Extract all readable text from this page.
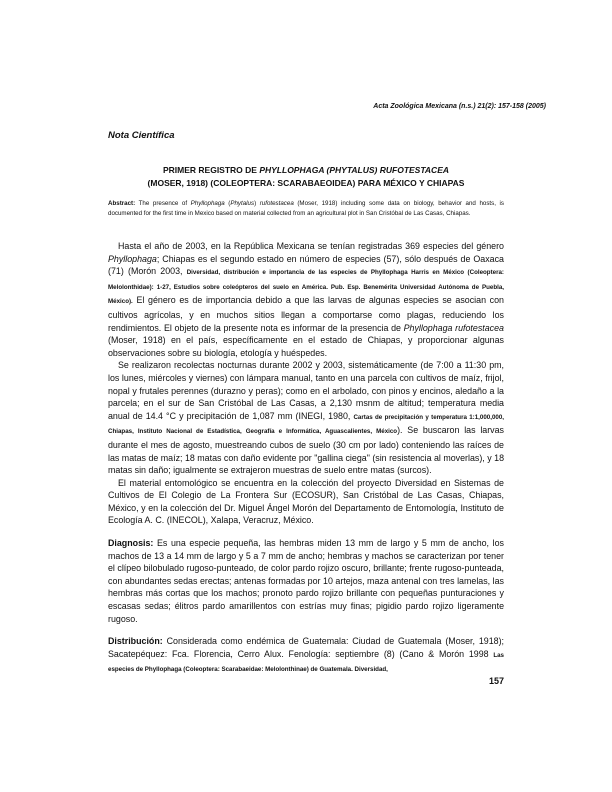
Acta Zoológica Mexicana (n.s.) 21(2): 157-158 (2005)
Nota Científica
PRIMER REGISTRO DE PHYLLOPHAGA (PHYTALUS) RUFOTESTACEA
(MOSER, 1918) (COLEOPTERA: SCARABAEOIDEA) PARA MÉXICO Y CHIAPAS
Abstract: The presence of Phyllophaga (Phytalus) rufotestacea (Moser, 1918) including some data on biology, behavior and hosts, is documented for the first time in Mexico based on material collected from an agricultural plot in San Cristóbal de Las Casas, Chiapas.

Hasta el año de 2003, en la República Mexicana se tenían registradas 369 especies del género Phyllophaga; Chiapas es el segundo estado en número de especies (57), sólo después de Oaxaca (71) (Morón 2003, Diversidad, distribución e importancia de las especies de Phyllophaga Harris en México (Coleoptera: Melolonthidae): 1-27, Estudios sobre coleópteros del suelo en América. Pub. Esp. Benemérita Universidad Autónoma de Puebla, México). El género es de importancia debido a que las larvas de algunas especies se asocian con cultivos agrícolas, y en muchos sitios llegan a comportarse como plagas, reduciendo los rendimientos. El objeto de la presente nota es informar de la presencia de Phyllophaga rufotestacea (Moser, 1918) en el país, específicamente en el estado de Chiapas, y proporcionar algunas observaciones sobre su biología, etología y huéspedes.

Se realizaron recolectas nocturnas durante 2002 y 2003, sistemáticamente (de 7:00 a 11:30 pm, los lunes, miércoles y viernes) con lámpara manual, tanto en una parcela con cultivos de maíz, frijol, nopal y frutales perennes (durazno y peras); como en el arbolado, con pinos y encinos, aledaño a la parcela; en el sur de San Cristóbal de Las Casas, a 2,130 msnm de altitud; temperatura media anual de 14.4 °C y precipitación de 1,087 mm (INEGI, 1980, Cartas de precipitación y temperatura 1:1,000,000, Chiapas, Instituto Nacional de Estadística, Geografía e Informática, Aguascalientes, México). Se buscaron las larvas durante el mes de agosto, muestreando cubos de suelo (30 cm por lado) conteniendo las raíces de las matas de maíz; 18 matas con daño evidente por "gallina ciega" (sin resistencia al moverlas), y 18 matas sin daño; igualmente se extrajeron muestras de suelo entre matas (surcos).

El material entomológico se encuentra en la colección del proyecto Diversidad en Sistemas de Cultivos de El Colegio de La Frontera Sur (ECOSUR), San Cristóbal de Las Casas, Chiapas, México, y en la colección del Dr. Miguel Ángel Morón del Departamento de Entomología, Instituto de Ecología A. C. (INECOL), Xalapa, Veracruz, México.

Diagnosis: Es una especie pequeña, las hembras miden 13 mm de largo y 5 mm de ancho, los machos de 13 a 14 mm de largo y 5 a 7 mm de ancho; hembras y machos se caracterizan por tener el clípeo bilobulado rugoso-punteado, de color pardo rojizo oscuro, brillante; frente rugoso-punteada, con abundantes sedas erectas; antenas formadas por 10 artejos, maza antenal con tres lamelas, las hembras más cortas que los machos; pronoto pardo rojizo brillante con pequeñas punturaciones y escasas sedas; élitros pardo amarillentos con estrías muy finas; pigidio pardo rojizo ligeramente rugoso.

Distribución: Considerada como endémica de Guatemala: Ciudad de Guatemala (Moser, 1918); Sacatepéquez: Fca. Florencia, Cerro Alux. Fenología: septiembre (8) (Cano & Morón 1998 Las especies de Phyllophaga (Coleoptera: Scarabaeidae: Melolonthinae) de Guatemala. Diversidad,

157
